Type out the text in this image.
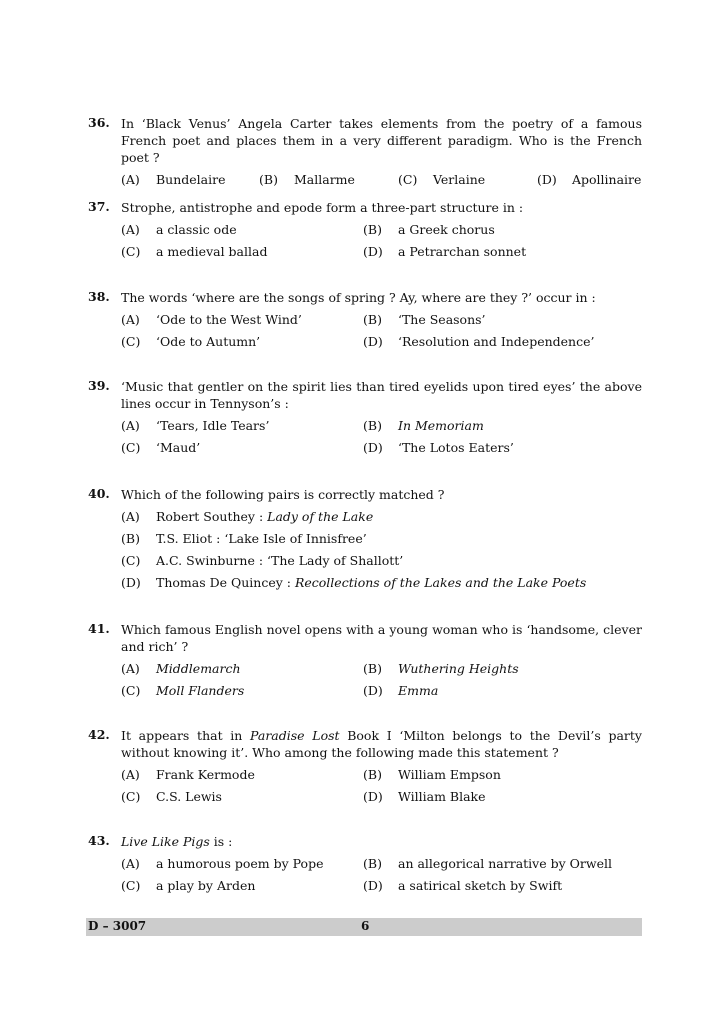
36. In ‘Black Venus’ Angela Carter takes elements from the poetry of a famous French poet and places them in a very different paradigm. Who is the French poet ?
(A) Bundelaire	(B) Mallarme	(C) Verlaine	(D) Apollinaire
37. Strophe, antistrophe and epode form a three-part structure in :
(A) a classic ode	(B) a Greek chorus
(C) a medieval ballad	(D) a Petrarchan sonnet
38. The words ‘where are the songs of spring ? Ay, where are they ?’ occur in :
(A) ‘Ode to the West Wind’	(B) ‘The Seasons’
(C) ‘Ode to Autumn’	(D) ‘Resolution and Independence’
39. ‘Music that gentler on the spirit lies than tired eyelids upon tired eyes’ the above lines occur in Tennyson’s :
(A) ‘Tears, Idle Tears’	(B) In Memoriam
(C) ‘Maud’	(D) ‘The Lotos Eaters’
40. Which of the following pairs is correctly matched ?
(A) Robert Southey : Lady of the Lake
(B) T.S. Eliot : ‘Lake Isle of Innisfree’
(C) A.C. Swinburne : ‘The Lady of Shallott’
(D) Thomas De Quincey : Recollections of the Lakes and the Lake Poets
41. Which famous English novel opens with a young woman who is ‘handsome, clever and rich’ ?
(A) Middlemarch	(B) Wuthering Heights
(C) Moll Flanders	(D) Emma
42. It appears that in Paradise Lost Book I ‘Milton belongs to the Devil’s party without knowing it’. Who among the following made this statement ?
(A) Frank Kermode	(B) William Empson
(C) C.S. Lewis	(D) William Blake
43. Live Like Pigs is :
(A) a humorous poem by Pope	(B) an allegorical narrative by Orwell
(C) a play by Arden	(D) a satirical sketch by Swift
D – 3007	6
